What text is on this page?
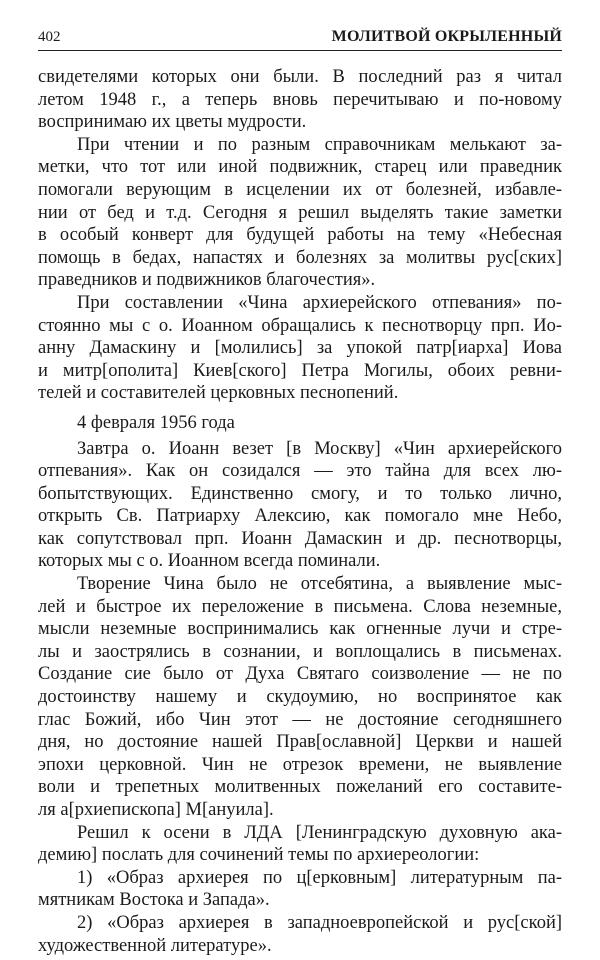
402	МОЛИТВОЙ ОКРЫЛЕННЫЙ
свидетелями которых они были. В последний раз я читал
летом 1948 г., а теперь вновь перечитываю и по-новому
воспринимаю их цветы мудрости.
При чтении и по разным справочникам мелькают за-
метки, что тот или иной подвижник, старец или праведник
помогали верующим в исцелении их от болезней, избавле-
нии от бед и т.д. Сегодня я решил выделять такие заметки
в особый конверт для будущей работы на тему «Небесная
помощь в бедах, напастях и болезнях за молитвы рус[ских]
праведников и подвижников благочестия».
При составлении «Чина архиерейского отпевания» по-
стоянно мы с о. Иоанном обращались к песнотворцу прп. Ио-
анну Дамаскину и [молились] за упокой патр[иарха] Иова
и митр[ополита] Киев[ского] Петра Могилы, обоих ревни-
телей и составителей церковных песнопений.
4 февраля 1956 года
Завтра о. Иоанн везет [в Москву] «Чин архиерейского
отпевания». Как он созидался — это тайна для всех лю-
бопытствующих. Единственно смогу, и то только лично,
открыть Св. Патриарху Алексию, как помогало мне Небо,
как сопутствовал прп. Иоанн Дамаскин и др. песнотворцы,
которых мы с о. Иоанном всегда поминали.
Творение Чина было не отсебятина, а выявление мыс-
лей и быстрое их переложение в письмена. Слова неземные,
мысли неземные воспринимались как огненные лучи и стре-
лы и заострялись в сознании, и воплощались в письменах.
Создание сие было от Духа Святаго соизволение — не по
достоинству нашему и скудоумию, но воспринятое как
глас Божий, ибо Чин этот — не достояние сегодняшнего
дня, но достояние нашей Прав[ославной] Церкви и нашей
эпохи церковной. Чин не отрезок времени, не выявление
воли и трепетных молитвенных пожеланий его составите-
ля а[рхиепископа] М[ануила].
Решил к осени в ЛДА [Ленинградскую духовную ака-
демию] послать для сочинений темы по архиереологии:
1) «Образ архиерея по ц[ерковным] литературным па-
мятникам Востока и Запада».
2) «Образ архиерея в западноевропейской и рус[ской]
художественной литературе».
